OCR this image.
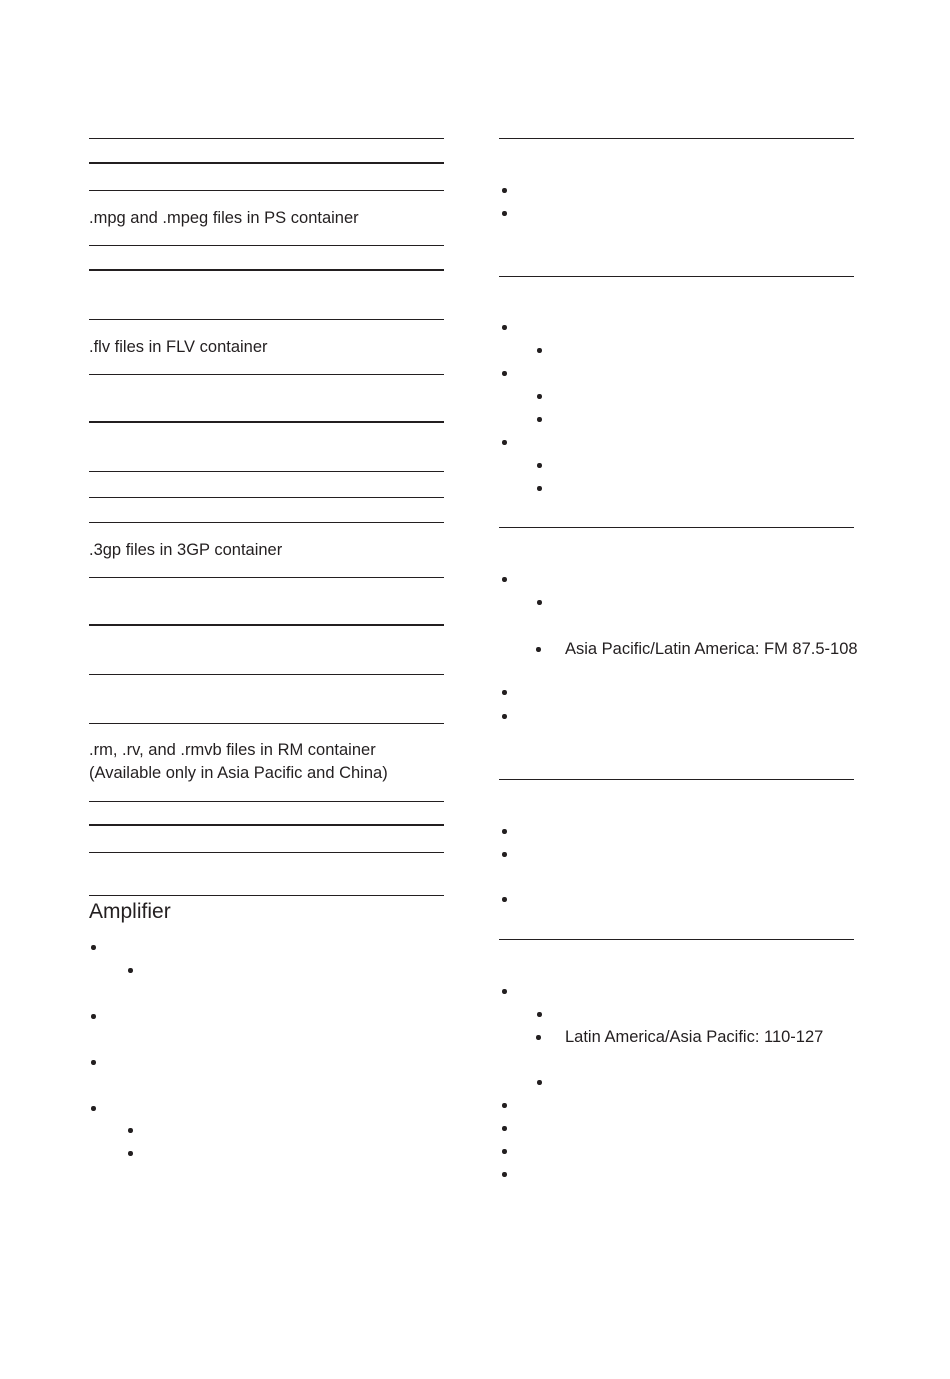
.mpg and .mpeg files in PS container
.flv files in FLV container
.3gp files in 3GP container
.rm, .rv, and .rmvb files in RM container
(Available only in Asia Pacific and China)
Amplifier
Asia Pacific/Latin America: FM 87.5-108
Latin America/Asia Pacific: 110-127
